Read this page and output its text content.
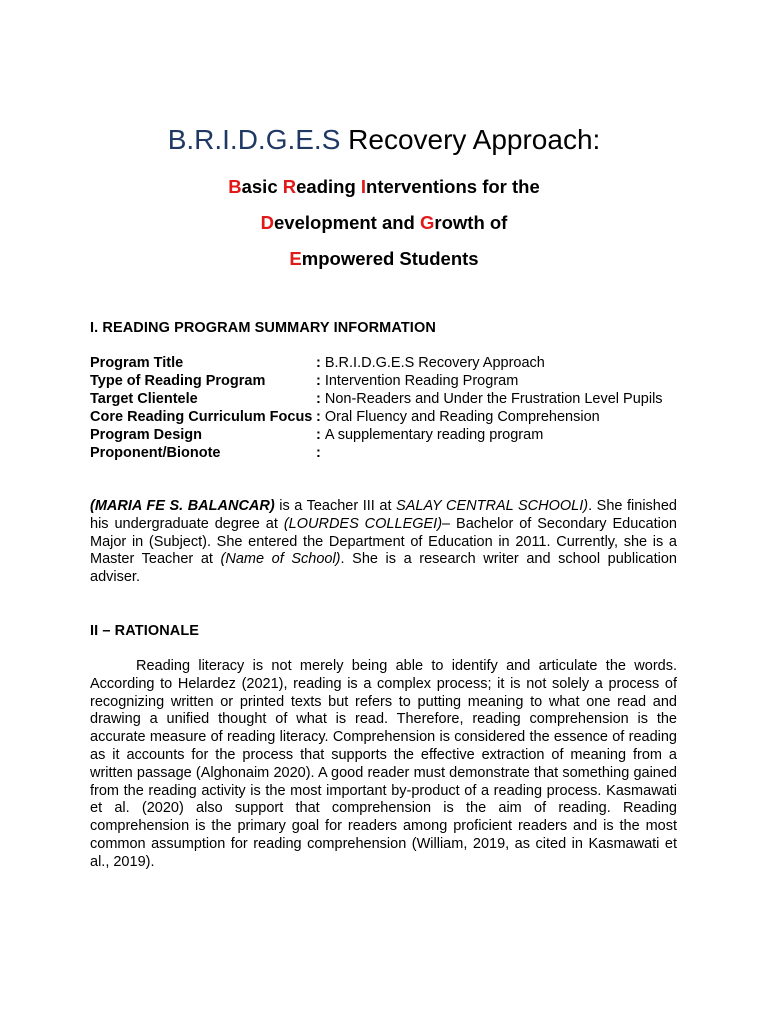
B.R.I.D.G.E.S Recovery Approach:
Basic Reading Interventions for the
Development and Growth of
Empowered Students
I. READING PROGRAM SUMMARY INFORMATION
Program Title	: B.R.I.D.G.E.S Recovery Approach
Type of Reading Program	: Intervention Reading Program
Target Clientele	: Non-Readers and Under the Frustration Level Pupils
Core Reading Curriculum Focus : Oral Fluency and Reading Comprehension
Program Design	: A supplementary reading program
Proponent/Bionote	:
(MARIA FE S. BALANCAR) is a Teacher III at SALAY CENTRAL SCHOOLI). She finished his undergraduate degree at (LOURDES COLLEGEI)– Bachelor of Secondary Education Major in (Subject). She entered the Department of Education in 2011. Currently, she is a Master Teacher at (Name of School). She is a research writer and school publication adviser.
II – RATIONALE
Reading literacy is not merely being able to identify and articulate the words. According to Helardez (2021), reading is a complex process; it is not solely a process of recognizing written or printed texts but refers to putting meaning to what one read and drawing a unified thought of what is read. Therefore, reading comprehension is the accurate measure of reading literacy. Comprehension is considered the essence of reading as it accounts for the process that supports the effective extraction of meaning from a written passage (Alghonaim 2020). A good reader must demonstrate that something gained from the reading activity is the most important by-product of a reading process. Kasmawati et al. (2020) also support that comprehension is the aim of reading. Reading comprehension is the primary goal for readers among proficient readers and is the most common assumption for reading comprehension (William, 2019, as cited in Kasmawati et al., 2019).
